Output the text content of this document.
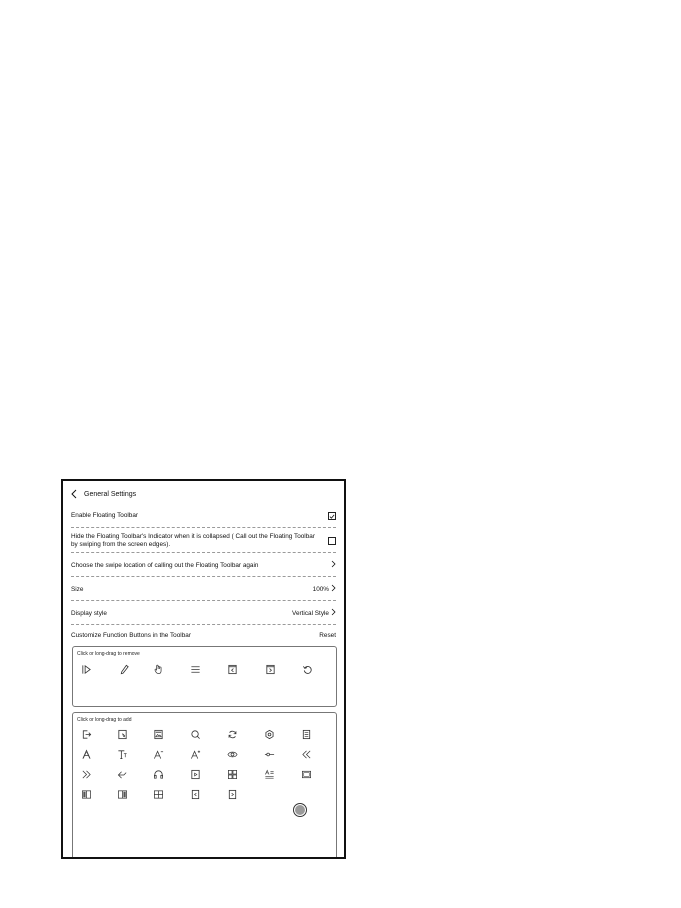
General Settings
Enable Floating Toolbar
Hide the Floating Toolbar's Indicator when it is collapsed ( Call out the Floating Toolbar by swiping from the screen edges).
Choose the swipe location of calling out the Floating Toolbar again
Size	100%
Display style	Vertical Style
Customize Function Buttons in the Toolbar	Reset
Click or long-drag to remove
Click or long-drag to add
